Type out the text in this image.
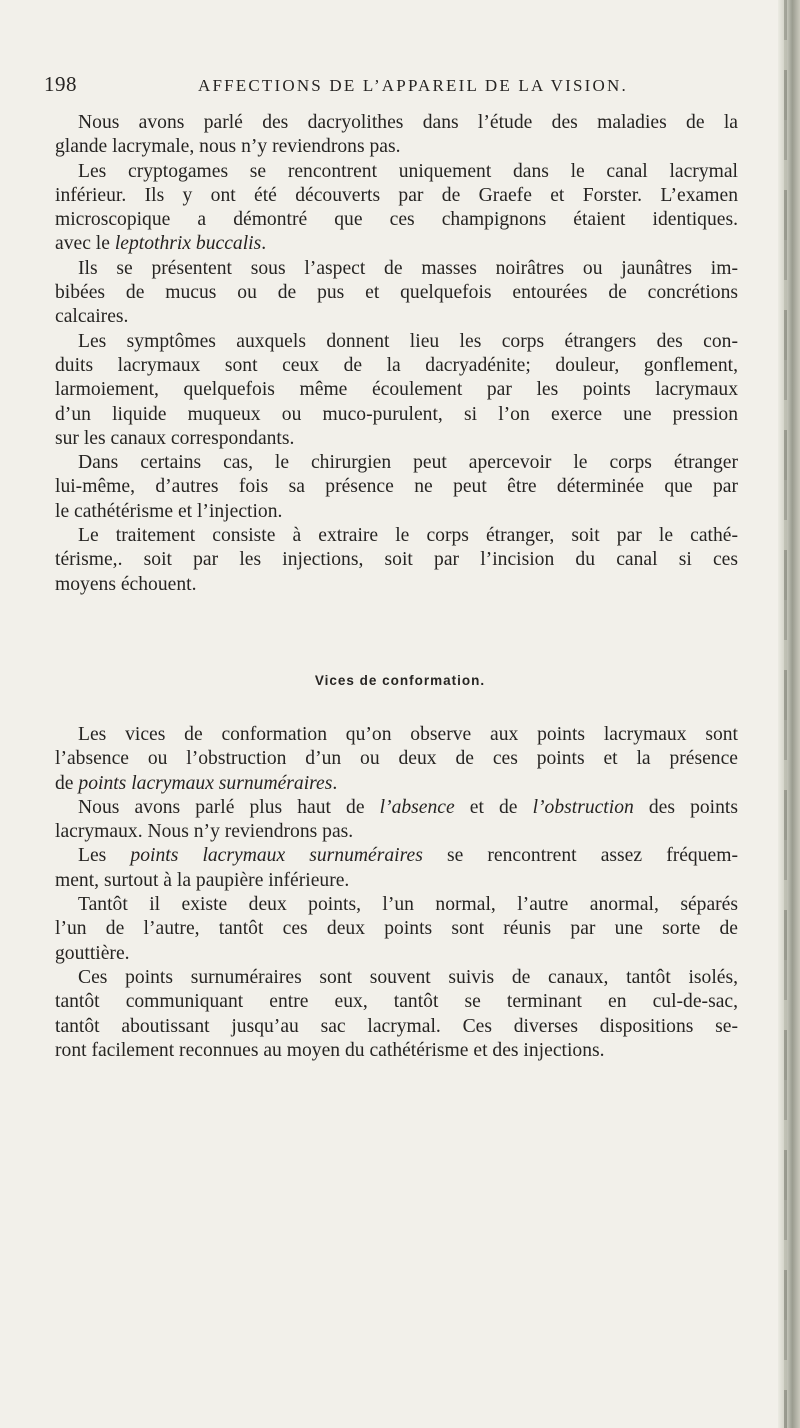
198	AFFECTIONS DE L’APPAREIL DE LA VISION.
Nous avons parlé des dacryolithes dans l’étude des maladies de la
glande lacrymale, nous n’y reviendrons pas.
Les cryptogames se rencontrent uniquement dans le canal lacrymal
inférieur. Ils y ont été découverts par de Graefe et Forster. L’examen
microscopique a démontré que ces champignons étaient identiques.
avec le leptothrix buccalis.
Ils se présentent sous l’aspect de masses noirâtres ou jaunâtres im-
bibées de mucus ou de pus et quelquefois entourées de concrétions
calcaires.
Les symptômes auxquels donnent lieu les corps étrangers des con-
duits lacrymaux sont ceux de la dacryadénite; douleur, gonflement,
larmoiement, quelquefois même écoulement par les points lacrymaux
d’un liquide muqueux ou muco-purulent, si l’on exerce une pression
sur les canaux correspondants.
Dans certains cas, le chirurgien peut apercevoir le corps étranger
lui-même, d’autres fois sa présence ne peut être déterminée que par
le cathétérisme et l’injection.
Le traitement consiste à extraire le corps étranger, soit par le cathé-
térisme,. soit par les injections, soit par l’incision du canal si ces
moyens échouent.
Vices de conformation.
Les vices de conformation qu’on observe aux points lacrymaux sont
l’absence ou l’obstruction d’un ou deux de ces points et la présence
de points lacrymaux surnuméraires.
Nous avons parlé plus haut de l’absence et de l’obstruction des points
lacrymaux. Nous n’y reviendrons pas.
Les points lacrymaux surnuméraires se rencontrent assez fréquem-
ment, surtout à la paupière inférieure.
Tantôt il existe deux points, l’un normal, l’autre anormal, séparés
l’un de l’autre, tantôt ces deux points sont réunis par une sorte de
gouttière.
Ces points surnuméraires sont souvent suivis de canaux, tantôt isolés,
tantôt communiquant entre eux, tantôt se terminant en cul-de-sac,
tantôt aboutissant jusqu’au sac lacrymal. Ces diverses dispositions se-
ront facilement reconnues au moyen du cathétérisme et des injections.
